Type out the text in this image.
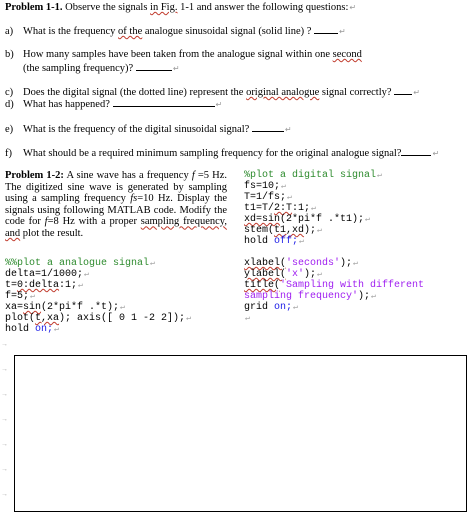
Problem 1-1. Observe the signals in Fig. 1-1 and answer the following questions:↵
a) What is the frequency of the analogue sinusoidal signal (solid line) ?	↵
b) How many samples have been taken from the analogue signal within one second
(the sampling frequency)?	↵
c) Does the digital signal (the dotted line) represent the original analogue signal correctly?	↵
d) What has happened?	↵
e) What is the frequency of the digital sinusoidal signal?	↵
f) What should be a required minimum sampling frequency for the original analogue signal?	↵
Problem 1-2: A sine wave has a frequency f =5 Hz. The digitized sine wave is generated by sampling using a sampling frequency fs=10 Hz. Display the signals using following MATLAB code. Modify the code for f=8 Hz with a proper sampling frequency, and plot the result.
%plot a digital signal↵
fs=10;↵
T=1/fs;↵
t1=T/2:T:1;↵
xd=sin(2*pi*f .*t1);↵
stem(t1,xd);↵
hold off;↵

xlabel('seconds');↵
ylabel('x');↵
title('Sampling with different
sampling frequency');↵
grid on;↵
↵
%%plot a analogue signal↵
delta=1/1000;↵
t=0:delta:1;↵
f=5;↵
xa=sin(2*pi*f .*t);↵
plot(t,xa); axis([ 0 1 -2 2]);↵
hold on;↵
→
→
→
→
→
→
→
